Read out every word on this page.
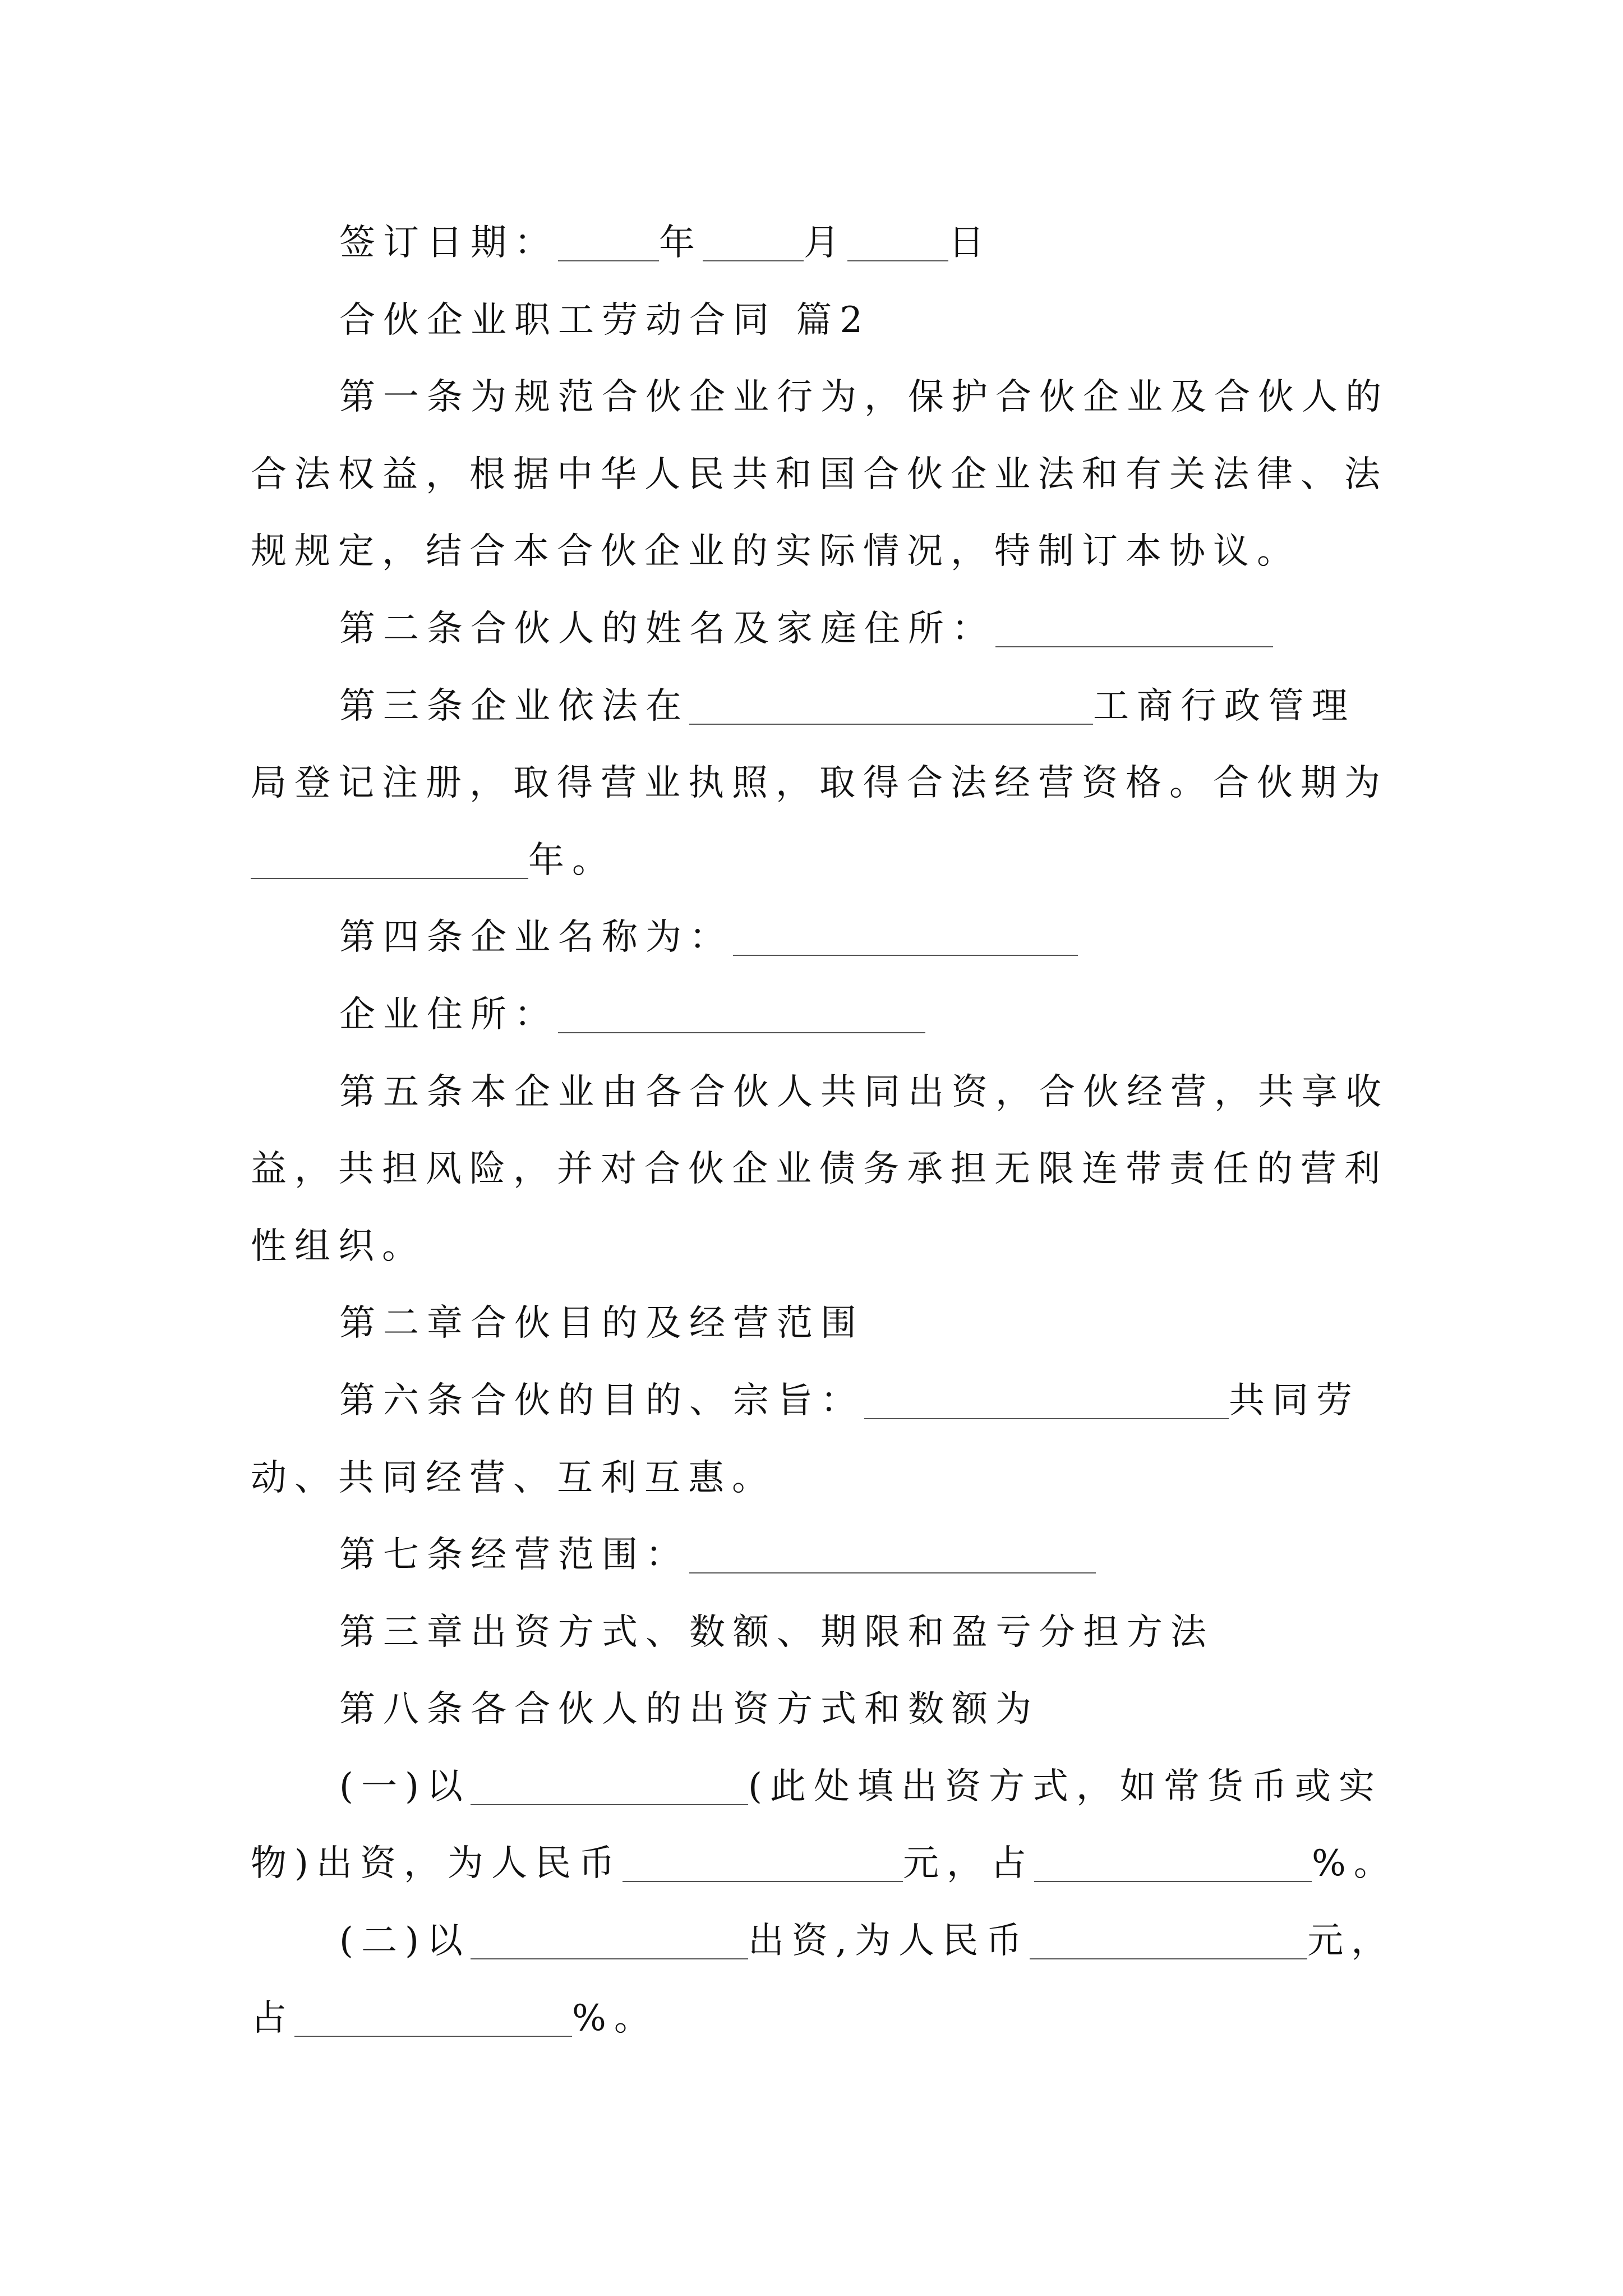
签订日期：	年	月	日
合伙企业职工劳动合同 篇2
第一条为规范合伙企业行为，保护合伙企业及合伙人的
合法权益，根据中华人民共和国合伙企业法和有关法律、法
规规定，结合本合伙企业的实际情况，特制订本协议。
第二条合伙人的姓名及家庭住所：
第三条企业依法在	工商行政管理
局登记注册，取得营业执照，取得合法经营资格。合伙期为
年。
第四条企业名称为：
企业住所：
第五条本企业由各合伙人共同出资，合伙经营，共享收
益，共担风险，并对合伙企业债务承担无限连带责任的营利
性组织。
第二章合伙目的及经营范围
第六条合伙的目的、宗旨：	共同劳
动、共同经营、互利互惠。
第七条经营范围：
第三章出资方式、数额、期限和盈亏分担方法
第八条各合伙人的出资方式和数额为
(一)以	(此处填出资方式，如常货币或实
物)出资，为人民币	元，占	%。
(二)以	出资,为人民币	元，
占	%。
